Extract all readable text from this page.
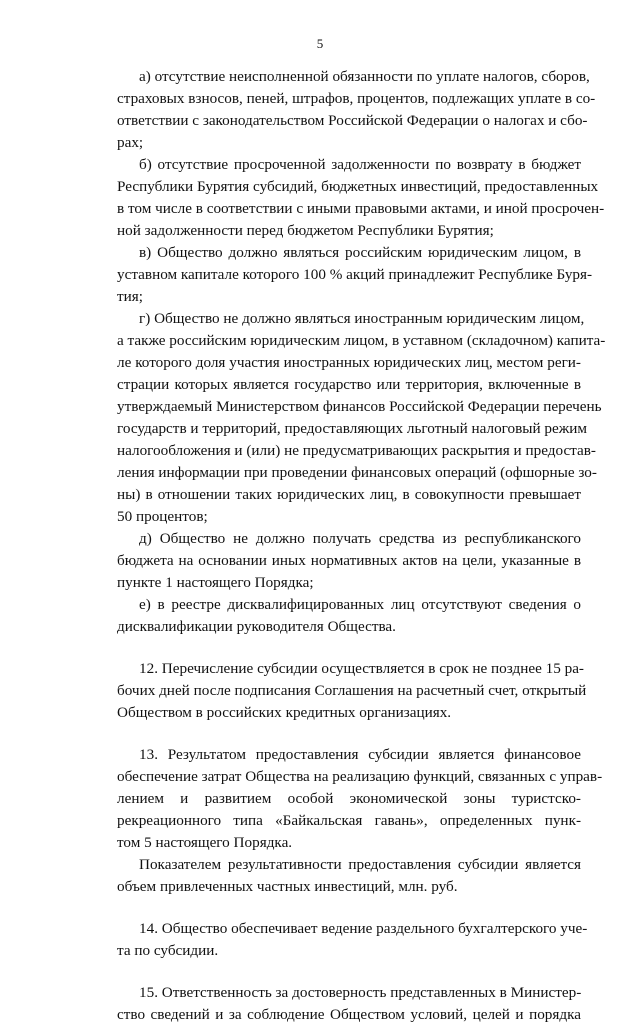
5
а) отсутствие неисполненной обязанности по уплате налогов, сборов,
страховых взносов, пеней, штрафов, процентов, подлежащих уплате в со-
ответствии с законодательством Российской Федерации о налогах и сбо-
рах;
б) отсутствие просроченной задолженности по возврату в бюджет
Республики Бурятия субсидий, бюджетных инвестиций, предоставленных
в том числе в соответствии с иными правовыми актами, и иной просрочен-
ной задолженности перед бюджетом Республики Бурятия;
в) Общество должно являться российским юридическим лицом, в
уставном капитале которого 100 % акций принадлежит Республике Буря-
тия;
г) Общество не должно являться иностранным юридическим лицом,
а также российским юридическим лицом, в уставном (складочном) капита-
ле которого доля участия иностранных юридических лиц, местом реги-
страции которых является государство или территория, включенные в
утверждаемый Министерством финансов Российской Федерации перечень
государств и территорий, предоставляющих льготный налоговый режим
налогообложения и (или) не предусматривающих раскрытия и предостав-
ления информации при проведении финансовых операций (офшорные зо-
ны) в отношении таких юридических лиц, в совокупности превышает
50 процентов;
д) Общество не должно получать средства из республиканского
бюджета на основании иных нормативных актов на цели, указанные в
пункте 1 настоящего Порядка;
е) в реестре дисквалифицированных лиц отсутствуют сведения о
дисквалификации руководителя Общества.
12. Перечисление субсидии осуществляется в срок не позднее 15 ра-
бочих дней после подписания Соглашения на расчетный счет, открытый
Обществом в российских кредитных организациях.
13. Результатом предоставления субсидии является финансовое
обеспечение затрат Общества на реализацию функций, связанных с управ-
лением и развитием особой экономической зоны туристско-
рекреационного типа «Байкальская гавань», определенных пунк-
том 5 настоящего Порядка.
Показателем результативности предоставления субсидии является
объем привлеченных частных инвестиций, млн. руб.
14. Общество обеспечивает ведение раздельного бухгалтерского уче-
та по субсидии.
15. Ответственность за достоверность представленных в Министер-
ство сведений и за соблюдение Обществом условий, целей и порядка
